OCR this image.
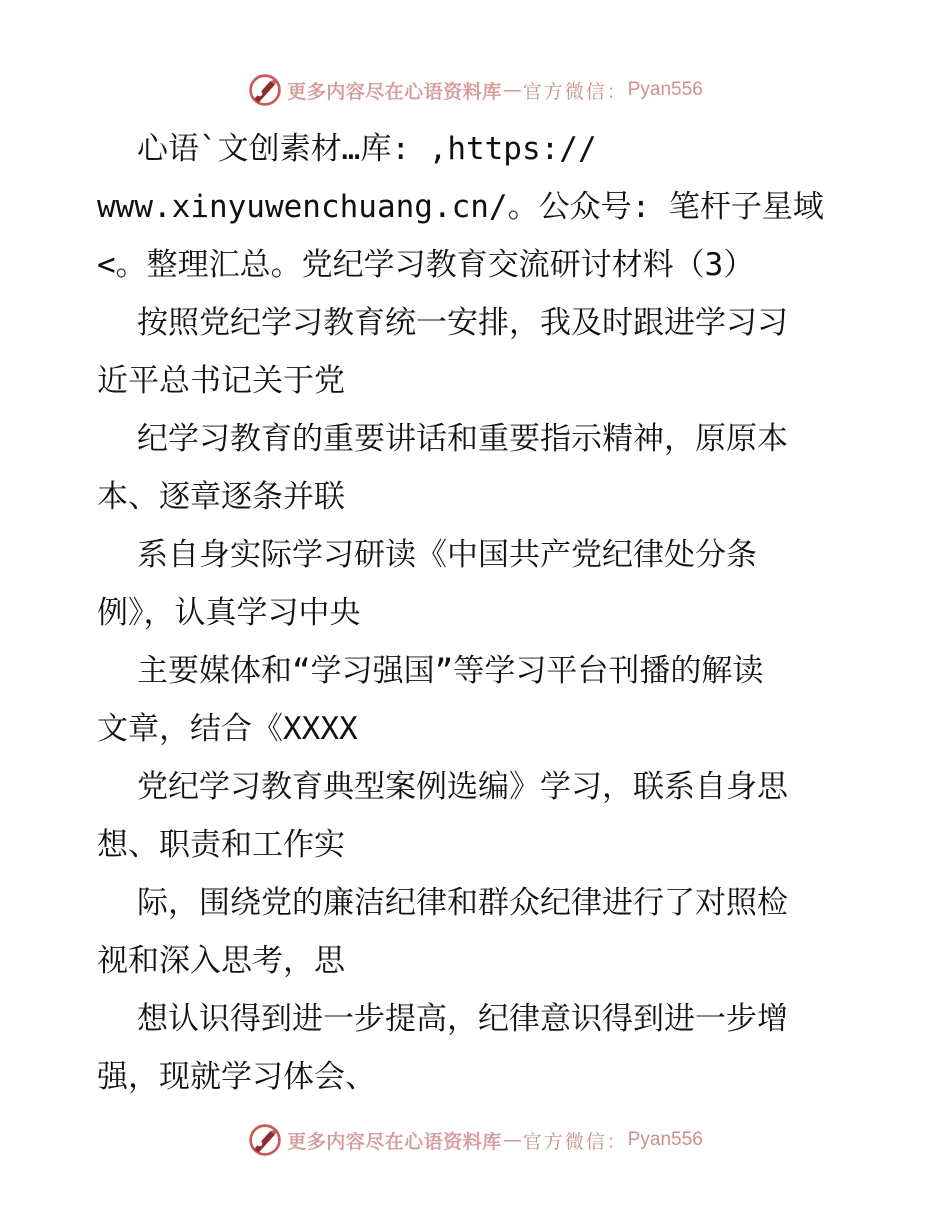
更多内容尽在心语资料库 — 官方微信： Pyan556
心语`文创素材…库: ,https://
www.xinyuwenchuang.cn/。公众号: 笔杆子星域
<。整理汇总。党纪学习教育交流研讨材料（3）
按照党纪学习教育统一安排，我及时跟进学习习
近平总书记关于党
纪学习教育的重要讲话和重要指示精神，原原本
本、逐章逐条并联
系自身实际学习研读《中国共产党纪律处分条
例》，认真学习中央
主要媒体和“学习强国”等学习平台刊播的解读
文章，结合《XXXX
党纪学习教育典型案例选编》学习，联系自身思
想、职责和工作实
际，围绕党的廉洁纪律和群众纪律进行了对照检
视和深入思考，思
想认识得到进一步提高，纪律意识得到进一步增
强，现就学习体会、
更多内容尽在心语资料库 — 官方微信： Pyan556
